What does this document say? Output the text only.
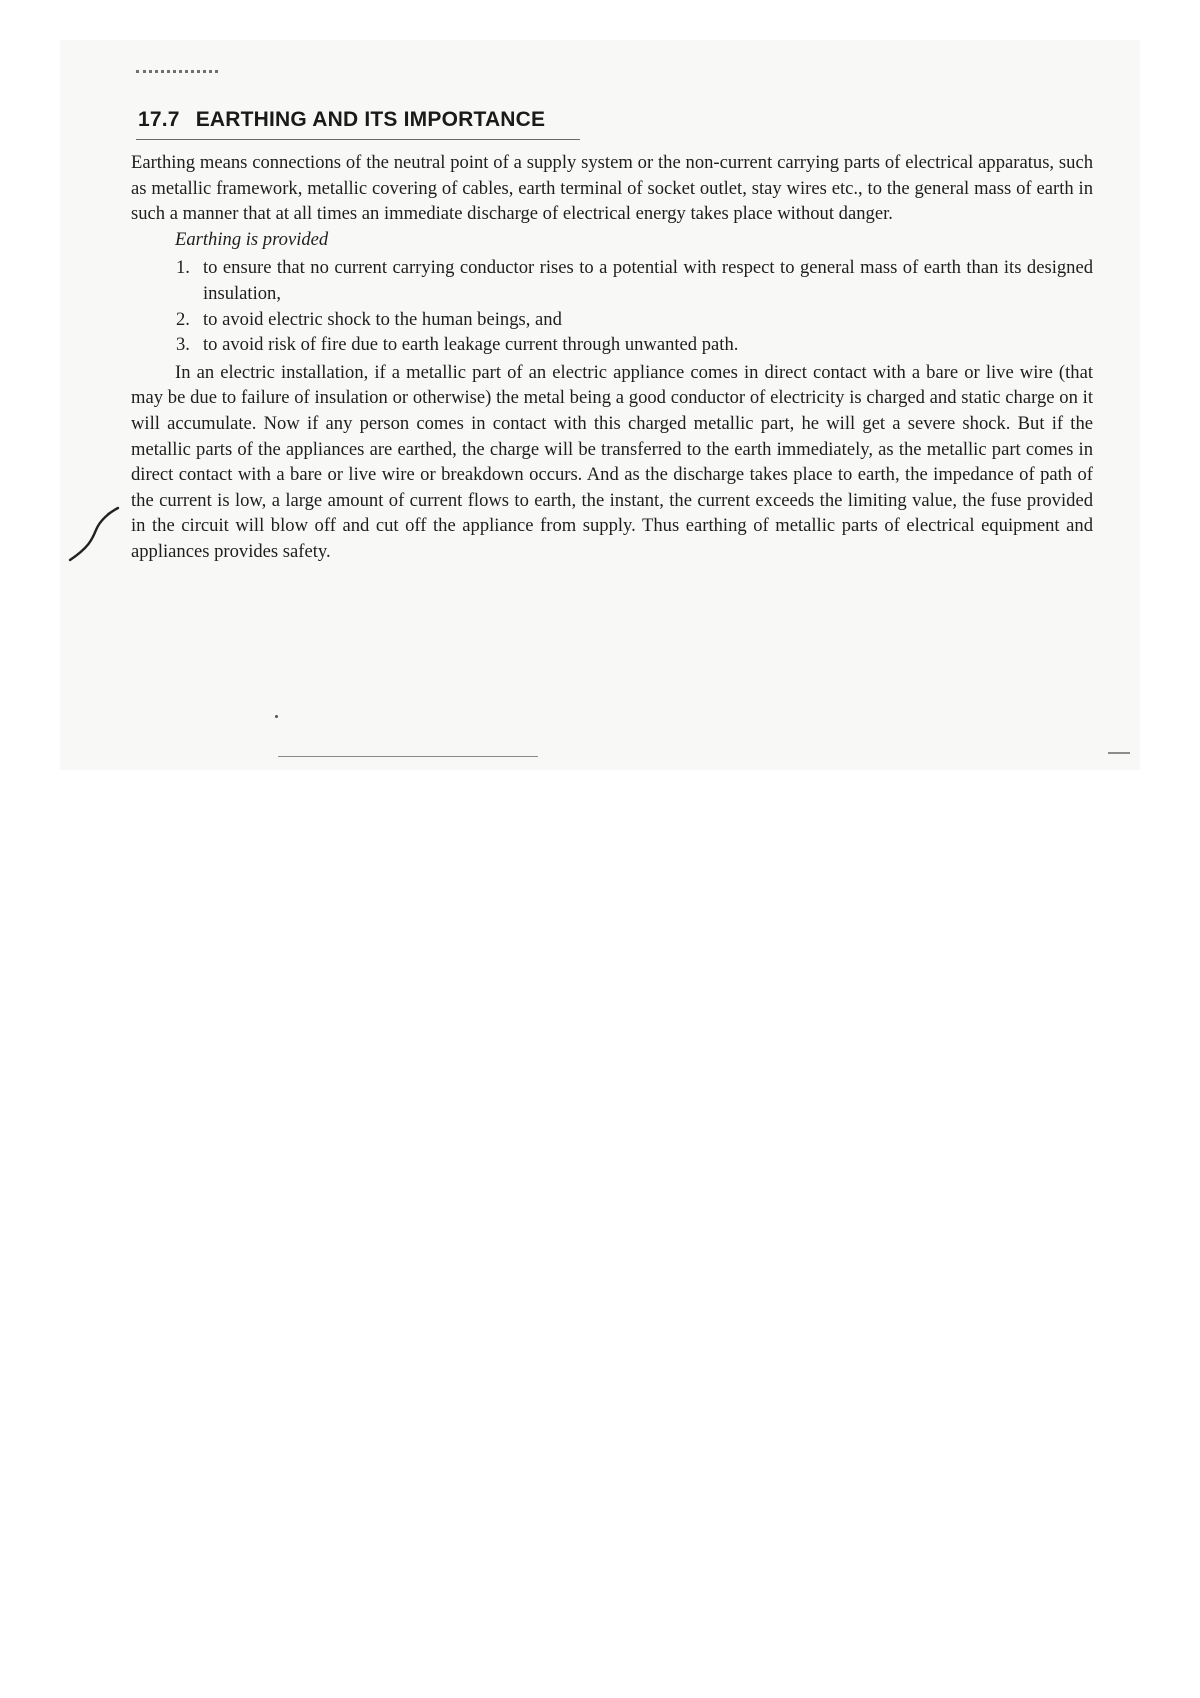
17.7 EARTHING AND ITS IMPORTANCE

Earthing means connections of the neutral point of a supply system or the non-current carrying parts of electrical apparatus, such as metallic framework, metallic covering of cables, earth terminal of socket outlet, stay wires etc., to the general mass of earth in such a manner that at all times an immediate discharge of electrical energy takes place without danger.

Earthing is provided

1. to ensure that no current carrying conductor rises to a potential with respect to general mass of earth than its designed insulation,
2. to avoid electric shock to the human beings, and
3. to avoid risk of fire due to earth leakage current through unwanted path.

In an electric installation, if a metallic part of an electric appliance comes in direct contact with a bare or live wire (that may be due to failure of insulation or otherwise) the metal being a good conductor of electricity is charged and static charge on it will accumulate. Now if any person comes in contact with this charged metallic part, he will get a severe shock. But if the metallic parts of the appliances are earthed, the charge will be transferred to the earth immediately, as the metallic part comes in direct contact with a bare or live wire or breakdown occurs. And as the discharge takes place to earth, the impedance of path of the current is low, a large amount of current flows to earth, the instant, the current exceeds the limiting value, the fuse provided in the circuit will blow off and cut off the appliance from supply. Thus earthing of metallic parts of electrical equipment and appliances provides safety.
